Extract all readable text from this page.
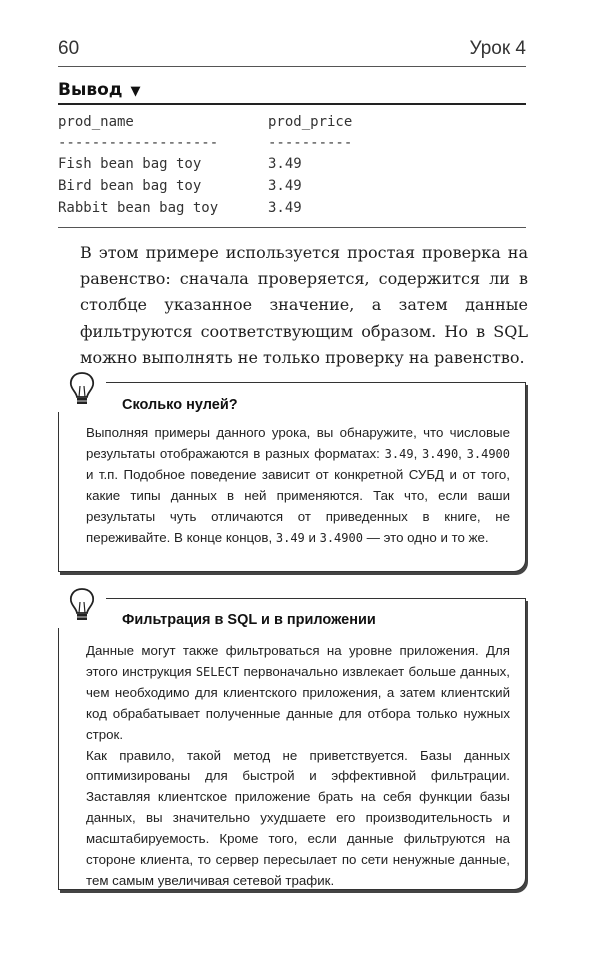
60	Урок 4
Вывод ▼
prod_name	prod_price
-------------------	----------
Fish bean bag toy	3.49
Bird bean bag toy	3.49
Rabbit bean bag toy	3.49
В этом примере используется простая проверка на равенство: сначала проверяется, содержится ли в столбце указанное значение, а затем данные фильтруются соответствующим образом. Но в SQL можно выполнять не только проверку на равенство.
Сколько нулей?
Выполняя примеры данного урока, вы обнаружите, что числовые результаты отображаются в разных форматах: 3.49, 3.490, 3.4900 и т.п. Подобное поведение зависит от конкретной СУБД и от того, какие типы данных в ней применяются. Так что, если ваши результаты чуть отличаются от приведенных в книге, не переживайте. В конце концов, 3.49 и 3.4900 — это одно и то же.
Фильтрация в SQL и в приложении

Данные могут также фильтроваться на уровне приложения. Для этого инструкция SELECT первоначально извлекает больше данных, чем необходимо для клиентского приложения, а затем клиентский код обрабатывает полученные данные для отбора только нужных строк.

Как правило, такой метод не приветствуется. Базы данных оптимизированы для быстрой и эффективной фильтрации. Заставляя клиентское приложение брать на себя функции базы данных, вы значительно ухудшаете его производительность и масштабируемость. Кроме того, если данные фильтруются на стороне клиента, то сервер пересылает по сети ненужные данные, тем самым увеличивая сетевой трафик.
